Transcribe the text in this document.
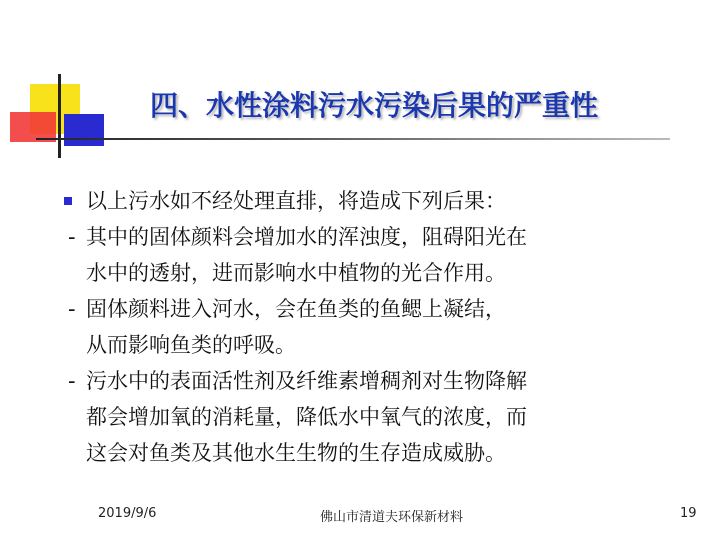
四、水性涂料污水污染后果的严重性
以上污水如不经处理直排，将造成下列后果：
- 其中的固体颜料会增加水的浑浊度，阻碍阳光在
水中的透射，进而影响水中植物的光合作用。
- 固体颜料进入河水，会在鱼类的鱼鳃上凝结，
从而影响鱼类的呼吸。
- 污水中的表面活性剂及纤维素增稠剂对生物降解
都会增加氧的消耗量，降低水中氧气的浓度，而
这会对鱼类及其他水生生物的生存造成威胁。
2019/9/6	佛山市清道夫环保新材料	19
